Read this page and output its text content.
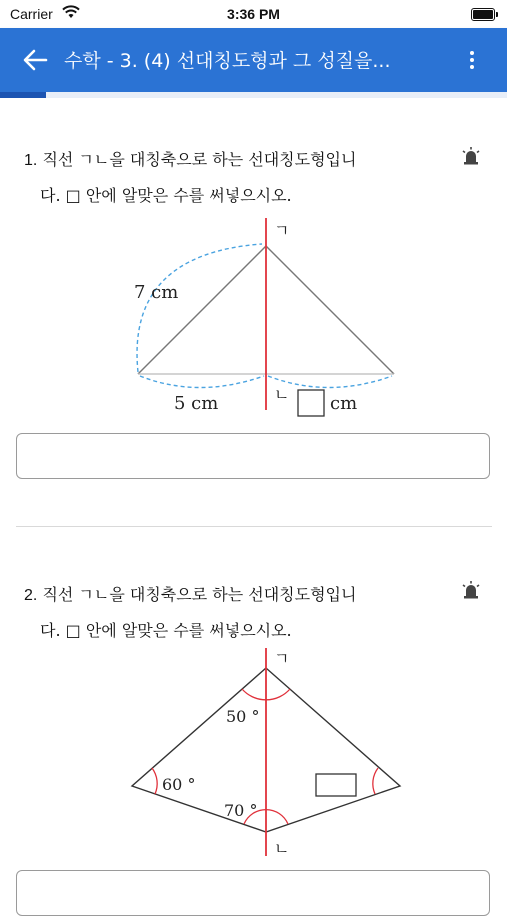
Carrier	3:36 PM
수학 - 3. (4) 선대칭도형과 그 성질을...
1. 직선 ㄱㄴ을 대칭축으로 하는 선대칭도형입니
다. □ 안에 알맞은 수를 써넣으시오.
ㄱ
7 cm
5 cm	ㄴ cm
2. 직선 ㄱㄴ을 대칭축으로 하는 선대칭도형입니
다. □ 안에 알맞은 수를 써넣으시오.
ㄱ
50 °
60 °
70 °
ㄴ
